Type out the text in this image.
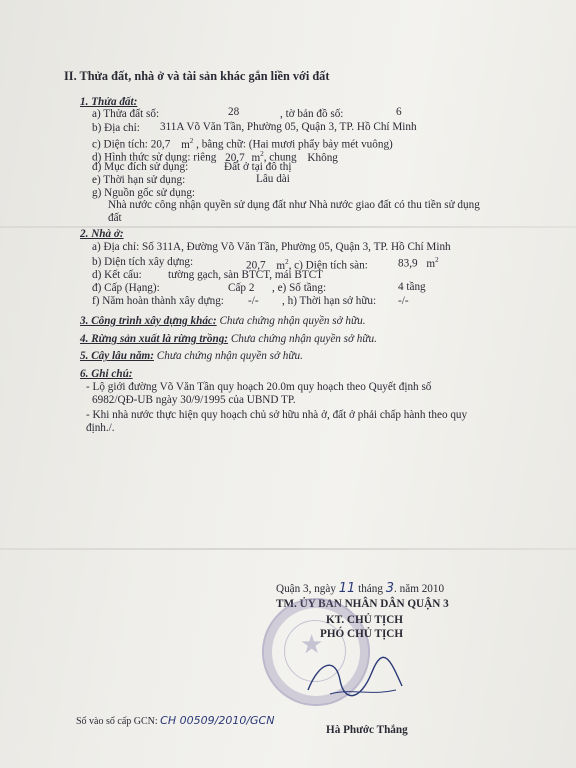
II. Thửa đất, nhà ở và tài sản khác gắn liền với đất
1. Thửa đất:
a) Thửa đất số:	28	, tờ bản đồ số:	6
b) Địa chỉ: 311A Võ Văn Tần, Phường 05, Quận 3, TP. Hồ Chí Minh
c) Diện tích: 20,7 $m^2$ , bằng chữ: (Hai mươi phẩy bảy mét vuông)
d) Hình thức sử dụng: riêng 20,7 $m^2$, chung Không
đ) Mục đích sử dụng:	Đất ở tại đô thị
e) Thời hạn sử dụng:	Lâu dài
g) Nguồn gốc sử dụng:
Nhà nước công nhận quyền sử dụng đất như Nhà nước giao đất có thu tiền sử dụng
đất
2. Nhà ở:
a) Địa chỉ: Số 311A, Đường Võ Văn Tần, Phường 05, Quận 3, TP. Hồ Chí Minh
b) Diện tích xây dựng:	20,7 $m^2$, c) Diện tích sàn:	83,9 $m^2$
d) Kết cấu: tường gạch, sàn BTCT, mái BTCT
đ) Cấp (Hạng):	Cấp 2 , e) Số tầng:	4 tầng
f) Năm hoàn thành xây dựng: -/- , h) Thời hạn sở hữu: -/-
3. Công trình xây dựng khác: Chưa chứng nhận quyền sở hữu.
4. Rừng sản xuất là rừng trồng: Chưa chứng nhận quyền sở hữu.
5. Cây lâu năm: Chưa chứng nhận quyền sở hữu.
6. Ghi chú:
- Lộ giới đường Võ Văn Tần quy hoạch 20.0m quy hoạch theo Quyết định số
6982/QĐ-UB ngày 30/9/1995 của UBND TP.
- Khi nhà nước thực hiện quy hoạch chủ sở hữu nhà ở, đất ở phải chấp hành theo quy
định./.
Quận 3, ngày 11 tháng 3. năm 2010
TM. ỦY BAN NHÂN DÂN QUẬN 3
★
KT. CHỦ TỊCH
PHÓ CHỦ TỊCH
Hà Phước Thắng
Số vào sổ cấp GCN: CH 00509/2010/GCN
